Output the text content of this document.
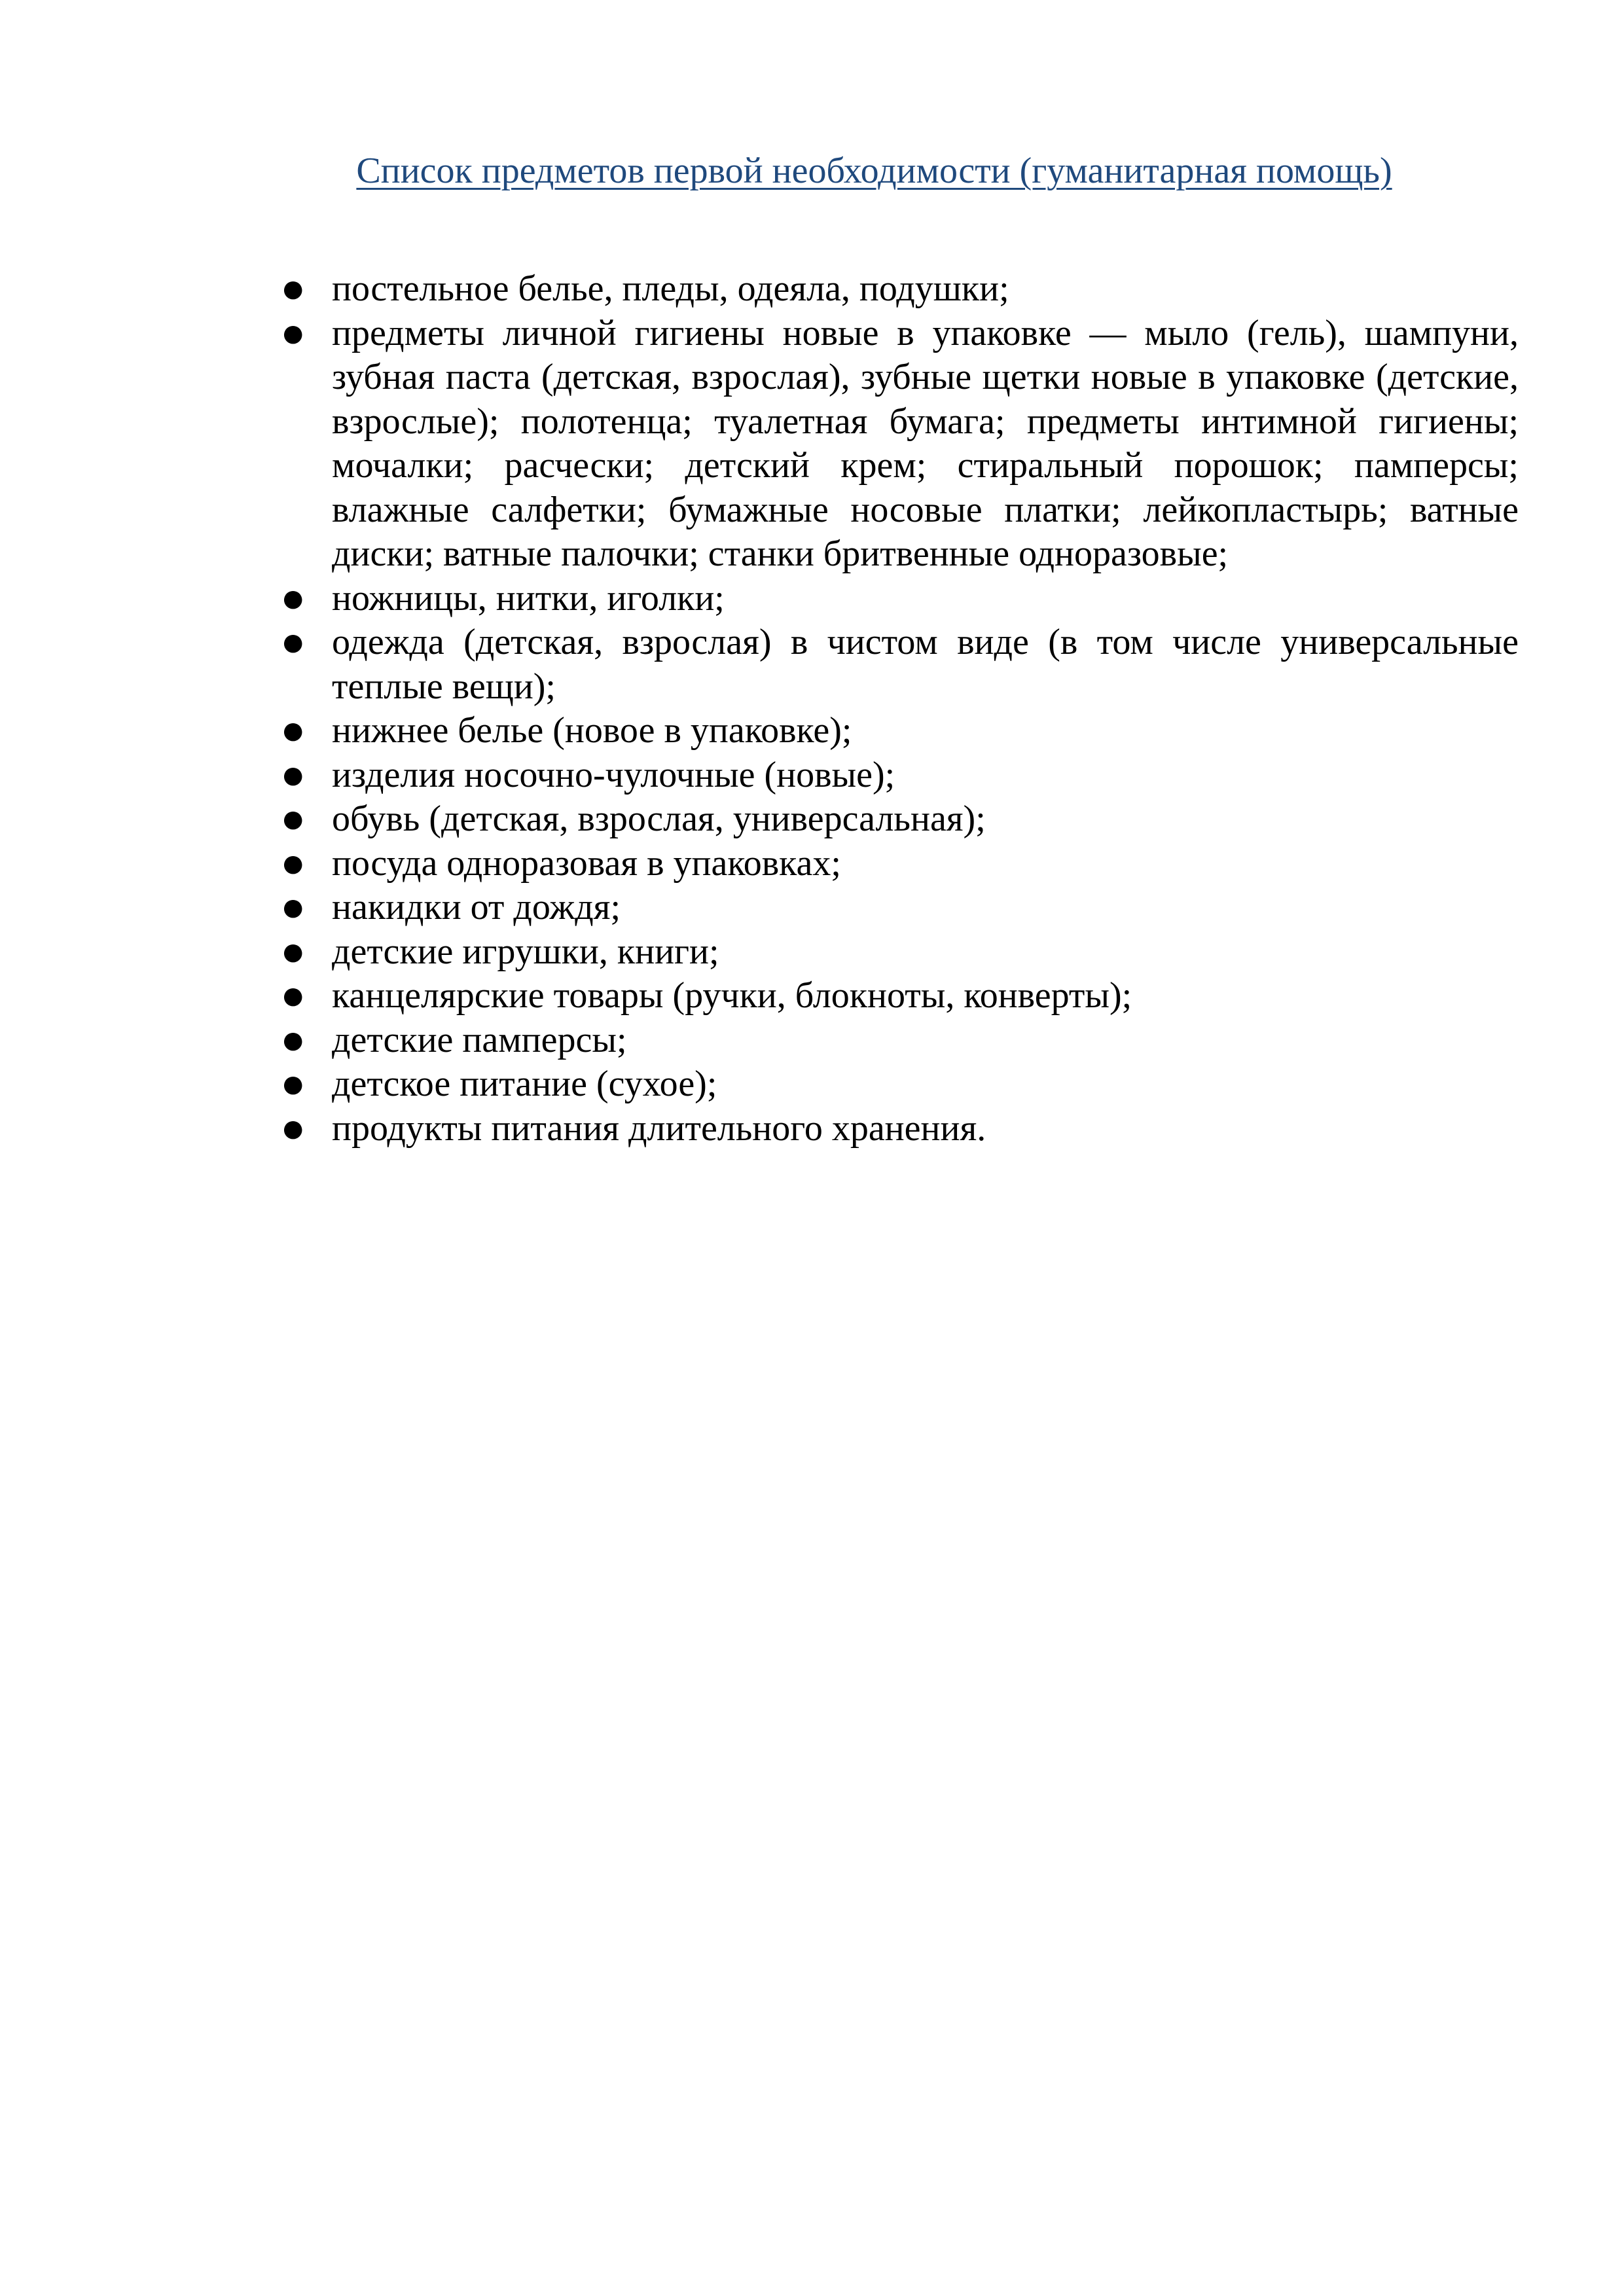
Список предметов первой необходимости (гуманитарная помощь)
● постельное белье, пледы, одеяла, подушки;
● предметы личной гигиены новые в упаковке — мыло (гель), шампуни, зубная паста (детская, взрослая), зубные щетки новые в упаковке (детские, взрослые); полотенца; туалетная бумага; предметы интимной гигиены; мочалки; расчески; детский крем; стиральный порошок; памперсы; влажные салфетки; бумажные носовые платки; лейкопластырь; ватные диски; ватные палочки; станки бритвенные одноразовые;
● ножницы, нитки, иголки;
● одежда (детская, взрослая) в чистом виде (в том числе универсальные теплые вещи);
● нижнее белье (новое в упаковке);
● изделия носочно-чулочные (новые);
● обувь (детская, взрослая, универсальная);
● посуда одноразовая в упаковках;
● накидки от дождя;
● детские игрушки, книги;
● канцелярские товары (ручки, блокноты, конверты);
● детские памперсы;
● детское питание (сухое);
● продукты питания длительного хранения.
